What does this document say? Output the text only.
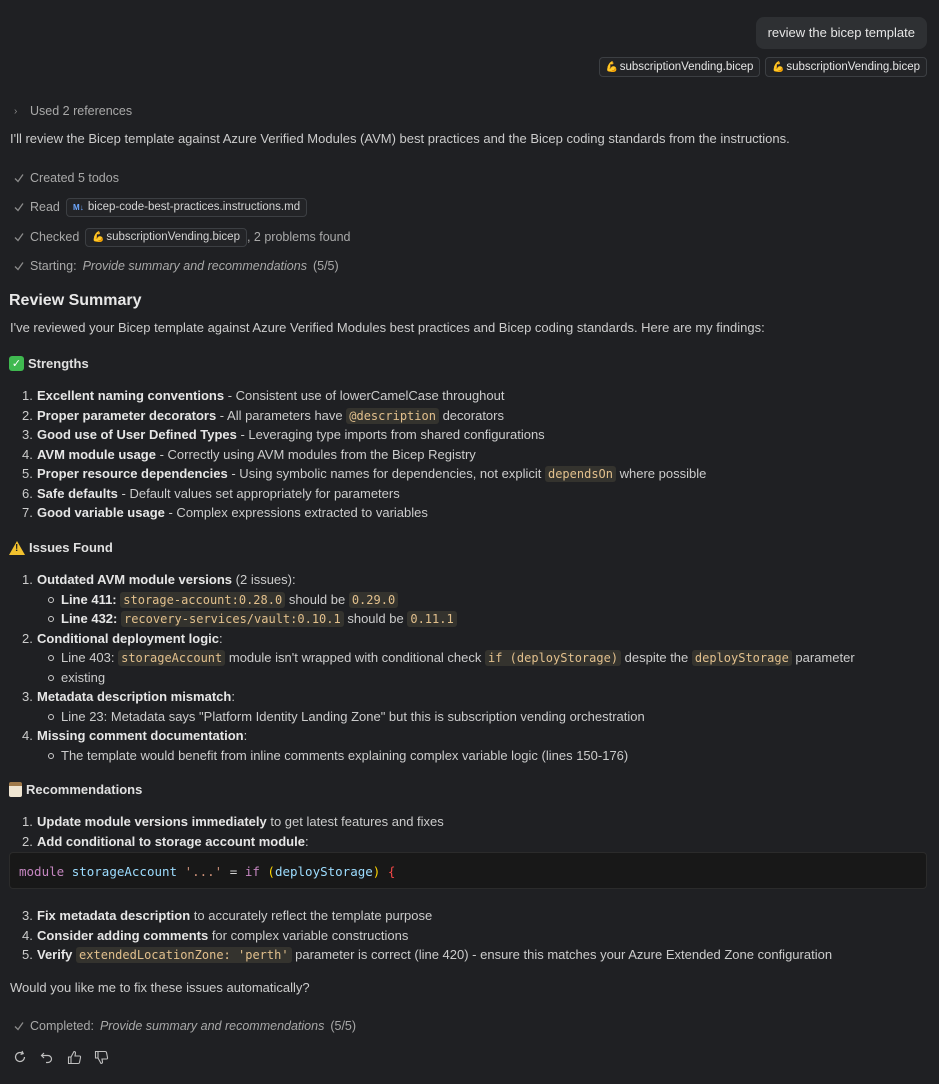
review the bicep template
💪 subscriptionVending.bicep 💪 subscriptionVending.bicep
›	Used 2 references
I'll review the Bicep template against Azure Verified Modules (AVM) best practices and the Bicep coding standards from the instructions.
Created 5 todos
Read M↓ bicep-code-best-practices.instructions.md
Checked 💪 subscriptionVending.bicep , 2 problems found
Starting: Provide summary and recommendations (5/5)
Review Summary
I've reviewed your Bicep template against Azure Verified Modules best practices and Bicep coding standards. Here are my findings:
✓ Strengths
1. Excellent naming conventions - Consistent use of lowerCamelCase throughout
2. Proper parameter decorators - All parameters have @description decorators
3. Good use of User Defined Types - Leveraging type imports from shared configurations
4. AVM module usage - Correctly using AVM modules from the Bicep Registry
5. Proper resource dependencies - Using symbolic names for dependencies, not explicit dependsOn where possible
6. Safe defaults - Default values set appropriately for parameters
7. Good variable usage - Complex expressions extracted to variables
!
Issues Found
1. Outdated AVM module versions (2 issues):
Line 411: storage-account:0.28.0 should be 0.29.0
Line 432: recovery-services/vault:0.10.1 should be 0.11.1
2. Conditional deployment logic:
Line 403: storageAccount module isn't wrapped with conditional check if (deployStorage) despite the deployStorage parameter
existing
3. Metadata description mismatch:
Line 23: Metadata says "Platform Identity Landing Zone" but this is subscription vending orchestration
4. Missing comment documentation:
The template would benefit from inline comments explaining complex variable logic (lines 150-176)
Recommendations
1. Update module versions immediately to get latest features and fixes
2. Add conditional to storage account module:
module storageAccount '...' = if (deployStorage) {
3. Fix metadata description to accurately reflect the template purpose
4. Consider adding comments for complex variable constructions
5. Verify extendedLocationZone: 'perth' parameter is correct (line 420) - ensure this matches your Azure Extended Zone configuration
Would you like me to fix these issues automatically?
Completed: Provide summary and recommendations (5/5)
